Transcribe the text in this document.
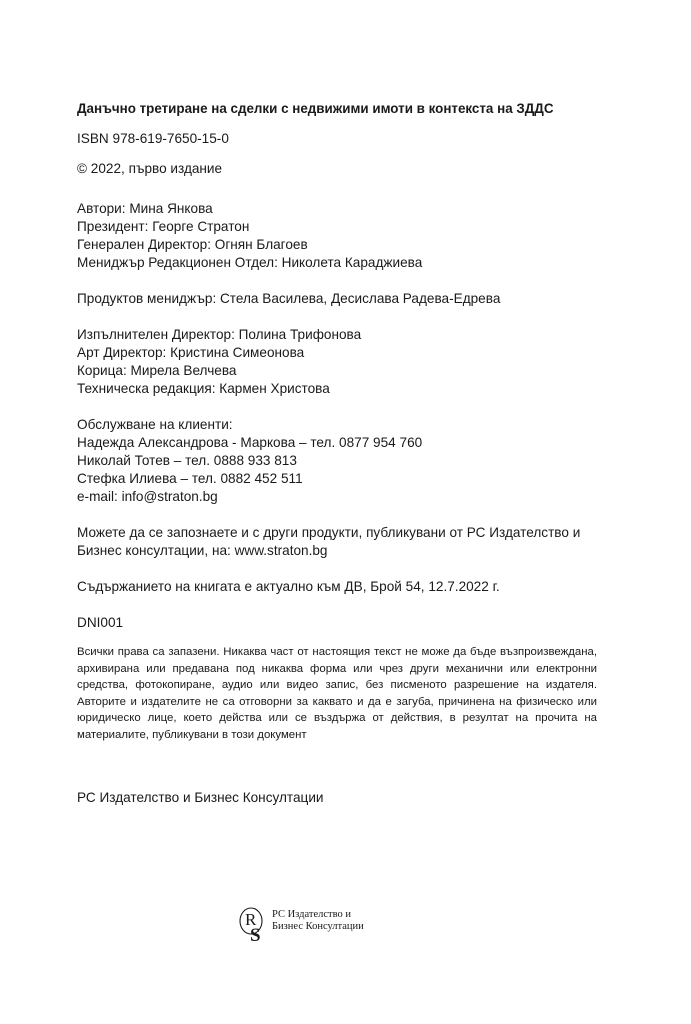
Данъчно третиране на сделки с недвижими имоти в контекста на ЗДДС

ISBN 978-619-7650-15-0

© 2022, първо издание

Автори: Мина Янкова

Президент: Георге Стратон

Генерален Директор: Огнян Благоев

Мениджър Редакционен Отдел: Николета Караджиева

Продуктов мениджър: Стела Василева, Десислава Радева-Едрева

Изпълнителен Директор: Полина Трифонова

Арт Директор: Кристина Симеонова

Корица: Мирела Велчева

Техническа редакция: Кармен Христова

Обслужване на клиенти:

Надежда Александрова - Маркова – тел. 0877 954 760

Николай Тотев – тел. 0888 933 813

Стефка Илиева – тел. 0882 452 511

e-mail: info@straton.bg

Можете да се запознаете и с други продукти, публикувани от РС Издателство и

Бизнес консултации, на: www.straton.bg

Съдържанието на книгата е актуално към ДВ, Брой 54, 12.7.2022 г.

DNI001

Всички права са запазени. Никаква част от настоящия текст не може да бъде възпроизвеждана, архивирана или предавана под никаква форма или чрез други механични или електронни средства, фотокопиране, аудио или видео запис, без писменото разрешение на издателя. Авторите и издателите не са отговорни за каквато и да е загуба, причинена на физическо или юридическо лице, което действа или се въздържа от действия, в резултат на прочита на материалите, публикувани в този документ

РС Издателство и Бизнес Консултации

R
S
РС Издателство и
Бизнес Консултации
